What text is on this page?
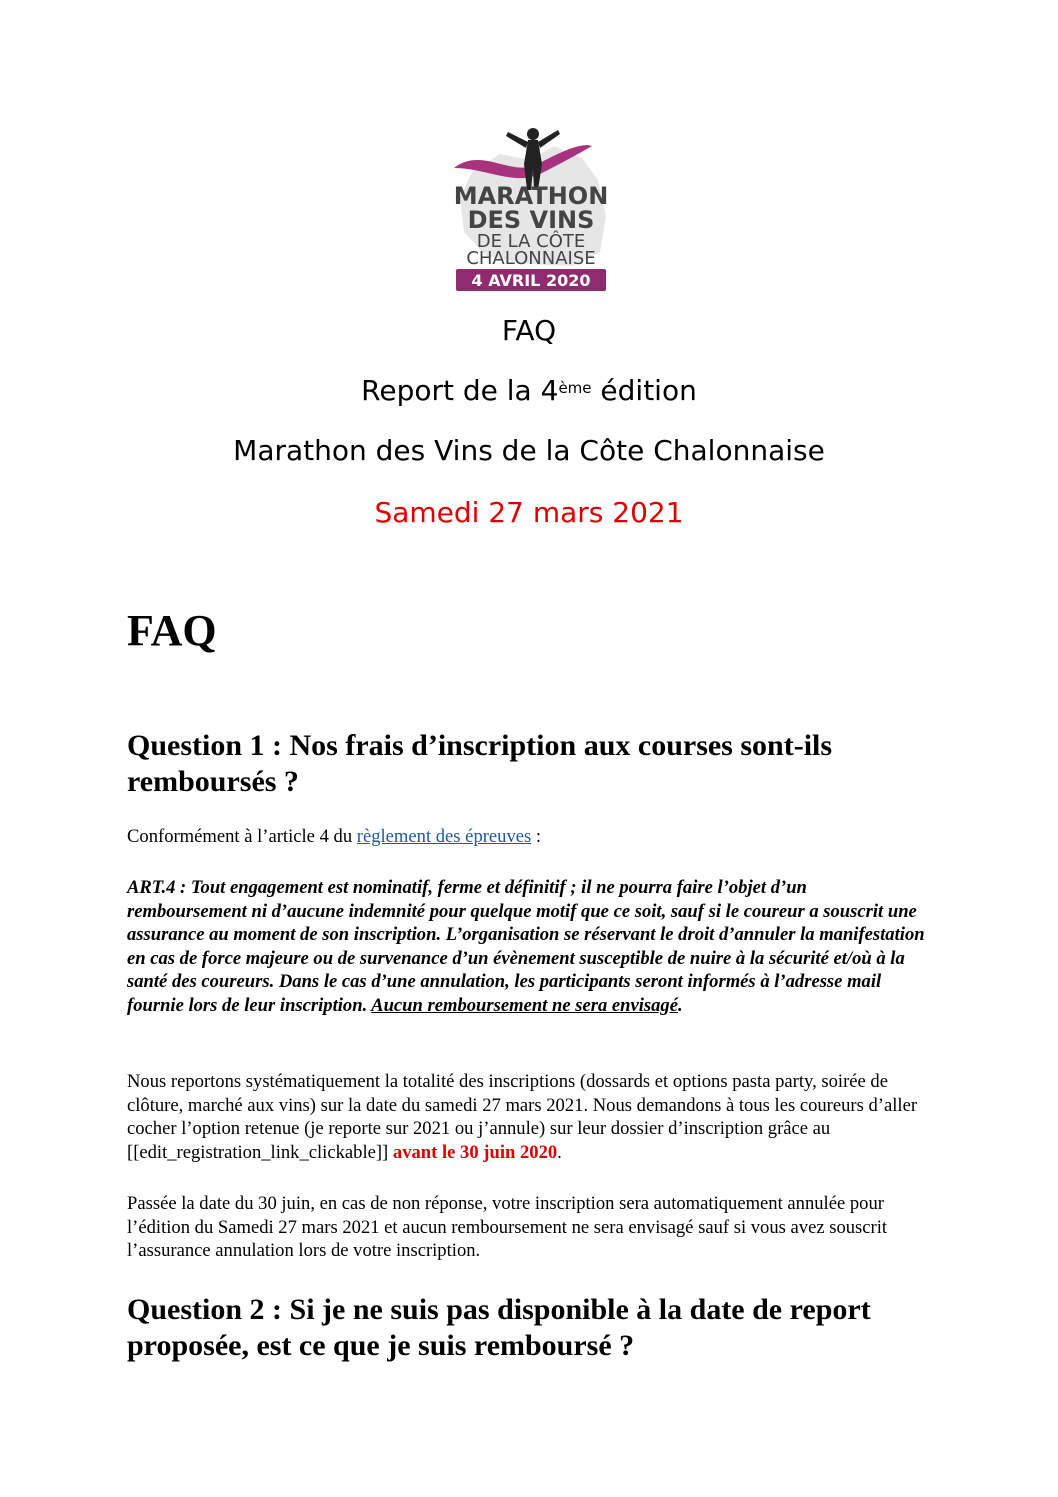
MARATHON
DES VINS
DE LA CÔTE
CHALONNAISE
4 AVRIL 2020
FAQ
Report de la 4ème édition
Marathon des Vins de la Côte Chalonnaise
Samedi 27 mars 2021
FAQ
Question 1 : Nos frais d’inscription aux courses sont-ils remboursés ?

Conformément à l’article 4 du règlement des épreuves :

ART.4 : Tout engagement est nominatif, ferme et définitif ; il ne pourra faire l’objet d’un remboursement ni d’aucune indemnité pour quelque motif que ce soit, sauf si le coureur a souscrit une assurance au moment de son inscription. L’organisation se réservant le droit d’annuler la manifestation en cas de force majeure ou de survenance d’un évènement susceptible de nuire à la sécurité et/où à la santé des coureurs. Dans le cas d’une annulation, les participants seront informés à l’adresse mail fournie lors de leur inscription. Aucun remboursement ne sera envisagé.

Nous reportons systématiquement la totalité des inscriptions (dossards et options pasta party, soirée de clôture, marché aux vins) sur la date du samedi 27 mars 2021. Nous demandons à tous les coureurs d’aller cocher l’option retenue (je reporte sur 2021 ou j’annule) sur leur dossier d’inscription grâce au [[edit_registration_link_clickable]] avant le 30 juin 2020.

Passée la date du 30 juin, en cas de non réponse, votre inscription sera automatiquement annulée pour l’édition du Samedi 27 mars 2021 et aucun remboursement ne sera envisagé sauf si vous avez souscrit l’assurance annulation lors de votre inscription.

Question 2 : Si je ne suis pas disponible à la date de report proposée, est ce que je suis remboursé ?
